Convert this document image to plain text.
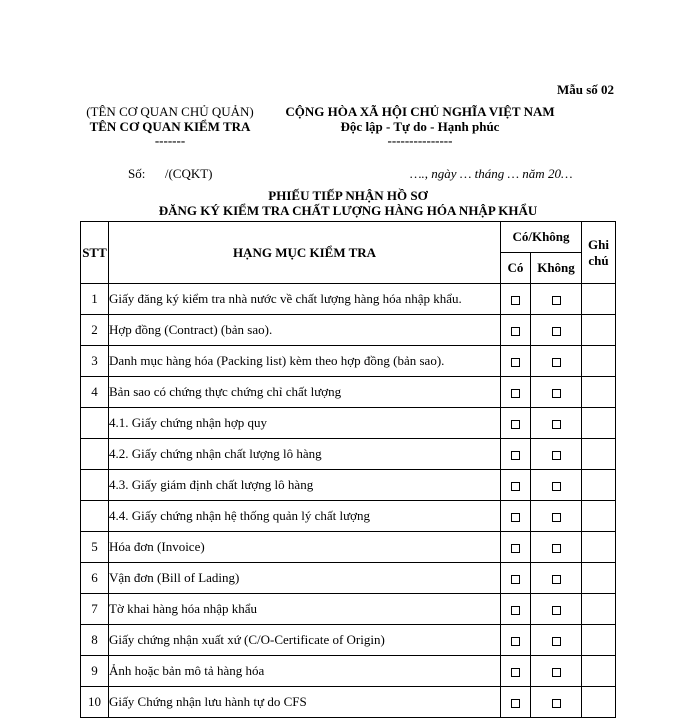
Mẫu số 02
(TÊN CƠ QUAN CHỦ QUẢN)
TÊN CƠ QUAN KIỂM TRA
-------
CỘNG HÒA XÃ HỘI CHỦ NGHĨA VIỆT NAM
Độc lập - Tự do - Hạnh phúc
---------------
Số:      /(CQKT)	…., ngày … tháng … năm 20…
PHIẾU TIẾP NHẬN HỒ SƠ
ĐĂNG KÝ KIỂM TRA CHẤT LƯỢNG HÀNG HÓA NHẬP KHẨU
STT	HẠNG MỤC KIỂM TRA	Có/Không		Ghi chú
		Có	Không	
1	Giấy đăng ký kiểm tra nhà nước về chất lượng hàng hóa nhập khẩu.			
2	Hợp đồng (Contract) (bản sao).			
3	Danh mục hàng hóa (Packing list) kèm theo hợp đồng (bản sao).			
4	Bản sao có chứng thực chứng chỉ chất lượng			
	4.1. Giấy chứng nhận hợp quy			
	4.2. Giấy chứng nhận chất lượng lô hàng			
	4.3. Giấy giám định chất lượng lô hàng			
	4.4. Giấy chứng nhận hệ thống quản lý chất lượng			
5	Hóa đơn (Invoice)			
6	Vận đơn (Bill of Lading)			
7	Tờ khai hàng hóa nhập khẩu			
8	Giấy chứng nhận xuất xứ (C/O-Certificate of Origin)			
9	Ảnh hoặc bản mô tả hàng hóa			
10	Giấy Chứng nhận lưu hành tự do CFS			
